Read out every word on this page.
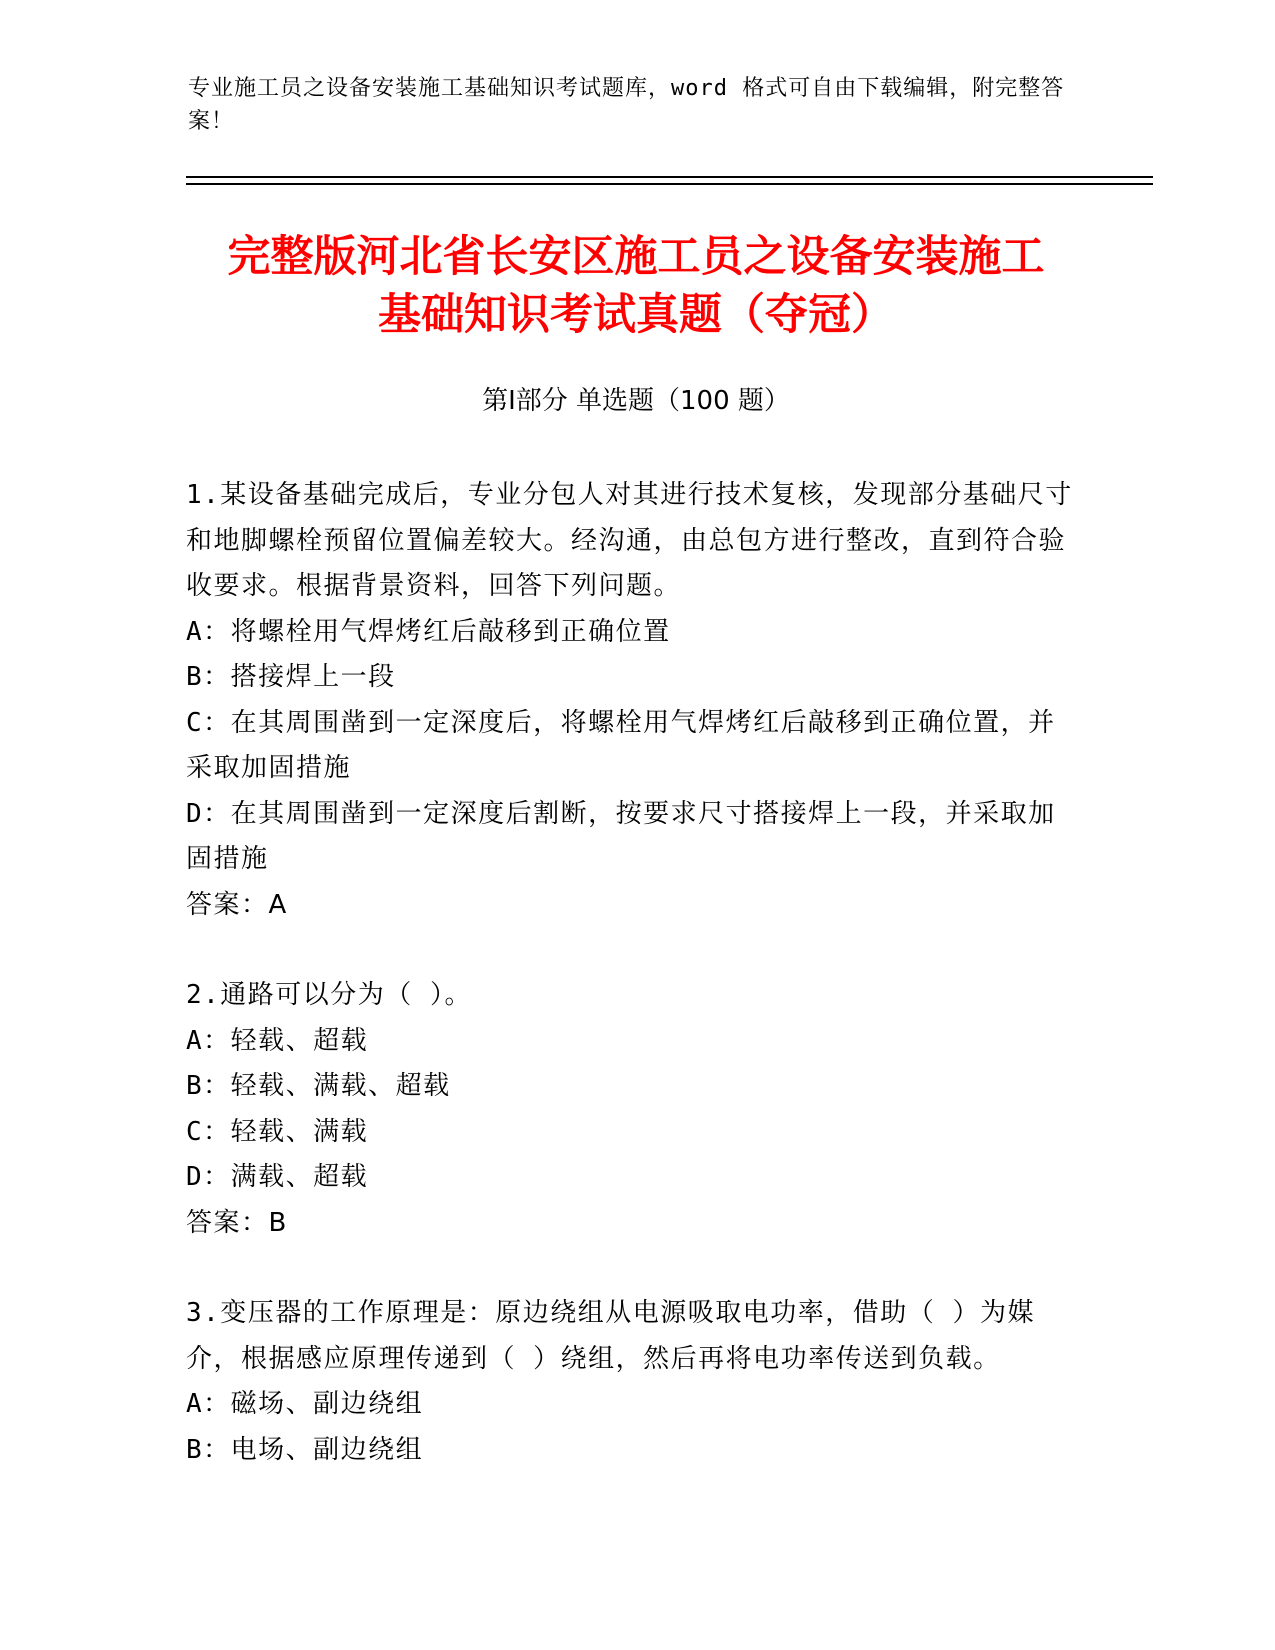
专业施工员之设备安装施工基础知识考试题库，word 格式可自由下载编辑，附完整答案！
完整版河北省长安区施工员之设备安装施工
基础知识考试真题（夺冠）
第Ⅰ部分 单选题（100 题）

1.某设备基础完成后，专业分包人对其进行技术复核，发现部分基础尺寸和地脚螺栓预留位置偏差较大。经沟通，由总包方进行整改，直到符合验收要求。根据背景资料，回答下列问题。

A：将螺栓用气焊烤红后敲移到正确位置

B：搭接焊上一段

C：在其周围凿到一定深度后，将螺栓用气焊烤红后敲移到正确位置，并采取加固措施

D：在其周围凿到一定深度后割断，按要求尺寸搭接焊上一段，并采取加固措施

答案：A

2.通路可以分为（ ）。

A：轻载、超载

B：轻载、满载、超载

C：轻载、满载

D：满载、超载

答案：B

3.变压器的工作原理是：原边绕组从电源吸取电功率，借助（ ）为媒介，根据感应原理传递到（ ）绕组，然后再将电功率传送到负载。

A：磁场、副边绕组

B：电场、副边绕组
